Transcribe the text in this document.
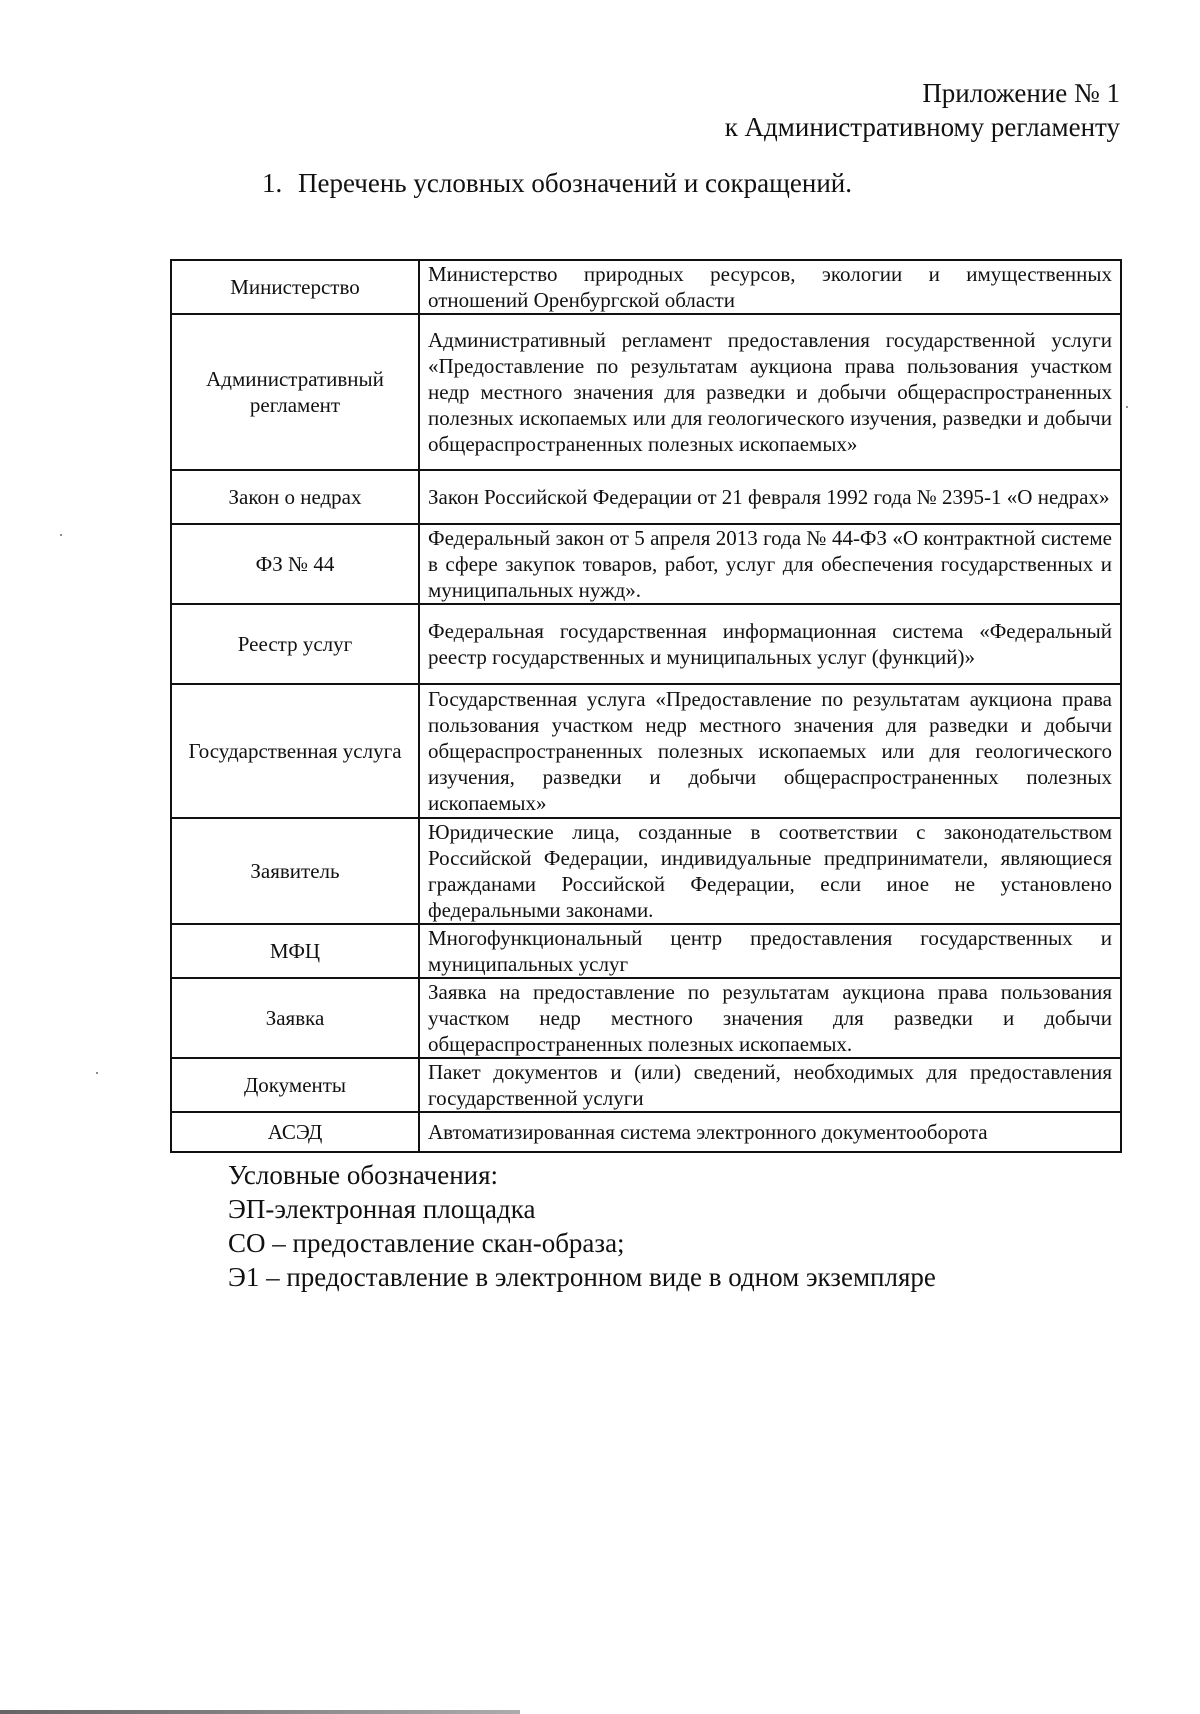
Приложение № 1
к Административному регламенту
1. Перечень условных обозначений и сокращений.
Министерство	Министерство природных ресурсов, экологии и имущественных отношений Оренбургской области
Административный регламент	Административный регламент предоставления государственной услуги «Предоставление по результатам аукциона права пользования участком недр местного значения для разведки и добычи общераспространенных полезных ископаемых или для геологического изучения, разведки и добычи общераспространенных полезных ископаемых»
Закон о недрах	Закон Российской Федерации от 21 февраля 1992 года № 2395-1 «О недрах»
ФЗ № 44	Федеральный закон от 5 апреля 2013 года № 44-ФЗ «О контрактной системе в сфере закупок товаров, работ, услуг для обеспечения государственных и муниципальных нужд».
Реестр услуг	Федеральная государственная информационная система «Федеральный реестр государственных и муниципальных услуг (функций)»
Государственная услуга	Государственная услуга «Предоставление по результатам аукциона права пользования участком недр местного значения для разведки и добычи общераспространенных полезных ископаемых или для геологического изучения, разведки и добычи общераспространенных полезных ископаемых»
Заявитель	Юридические лица, созданные в соответствии с законодательством Российской Федерации, индивидуальные предприниматели, являющиеся гражданами Российской Федерации, если иное не установлено федеральными законами.
МФЦ	Многофункциональный центр предоставления государственных и муниципальных услуг
Заявка	Заявка на предоставление по результатам аукциона права пользования участком недр местного значения для разведки и добычи общераспространенных полезных ископаемых.
Документы	Пакет документов и (или) сведений, необходимых для предоставления государственной услуги
АСЭД	Автоматизированная система электронного документооборота
Условные обозначения:
ЭП-электронная площадка
СО – предоставление скан-образа;
Э1 – предоставление в электронном виде в одном экземпляре
